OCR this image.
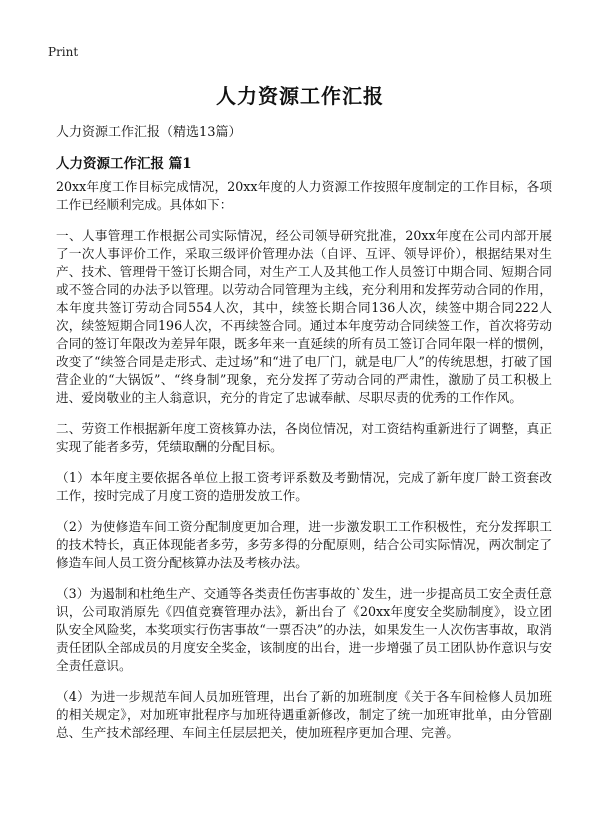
Print
人力资源工作汇报
人力资源工作汇报（精选13篇）
人力资源工作汇报 篇1

20xx年度工作目标完成情况，20xx年度的人力资源工作按照年度制定的工作目标，各项工作已经顺利完成。具体如下：

一、人事管理工作根据公司实际情况，经公司领导研究批准，20xx年度在公司内部开展了一次人事评价工作，采取三级评价管理办法（自评、互评、领导评价），根据结果对生产、技术、管理骨干签订长期合同，对生产工人及其他工作人员签订中期合同、短期合同或不签合同的办法予以管理。以劳动合同管理为主线，充分利用和发挥劳动合同的作用，本年度共签订劳动合同554人次，其中，续签长期合同136人次，续签中期合同222人次，续签短期合同196人次，不再续签合同。通过本年度劳动合同续签工作，首次将劳动合同的签订年限改为差异年限，既多年来一直延续的所有员工签订合同年限一样的惯例，改变了“续签合同是走形式、走过场”和“进了电厂门，就是电厂人”的传统思想，打破了国营企业的“大锅饭”、“终身制”现象，充分发挥了劳动合同的严肃性，激励了员工积极上进、爱岗敬业的主人翁意识，充分的肯定了忠诚奉献、尽职尽责的优秀的工作作风。

二、劳资工作根据新年度工资核算办法，各岗位情况，对工资结构重新进行了调整，真正实现了能者多劳，凭绩取酬的分配目标。

（1）本年度主要依据各单位上报工资考评系数及考勤情况，完成了新年度厂龄工资套改工作，按时完成了月度工资的造册发放工作。

（2）为使修造车间工资分配制度更加合理，进一步激发职工工作积极性，充分发挥职工的技术特长，真正体现能者多劳，多劳多得的分配原则，结合公司实际情况，两次制定了修造车间人员工资分配核算办法及考核办法。

（3）为遏制和杜绝生产、交通等各类责任伤害事故的`发生，进一步提高员工安全责任意识，公司取消原先《四值竞赛管理办法》，新出台了《20xx年度安全奖励制度》，设立团队安全风险奖，本奖项实行伤害事故“一票否决”的办法，如果发生一人次伤害事故，取消责任团队全部成员的月度安全奖金，该制度的出台，进一步增强了员工团队协作意识与安全责任意识。

（4）为进一步规范车间人员加班管理，出台了新的加班制度《关于各车间检修人员加班的相关规定》，对加班审批程序与加班待遇重新修改，制定了统一加班审批单，由分管副总、生产技术部经理、车间主任层层把关，使加班程序更加合理、完善。
